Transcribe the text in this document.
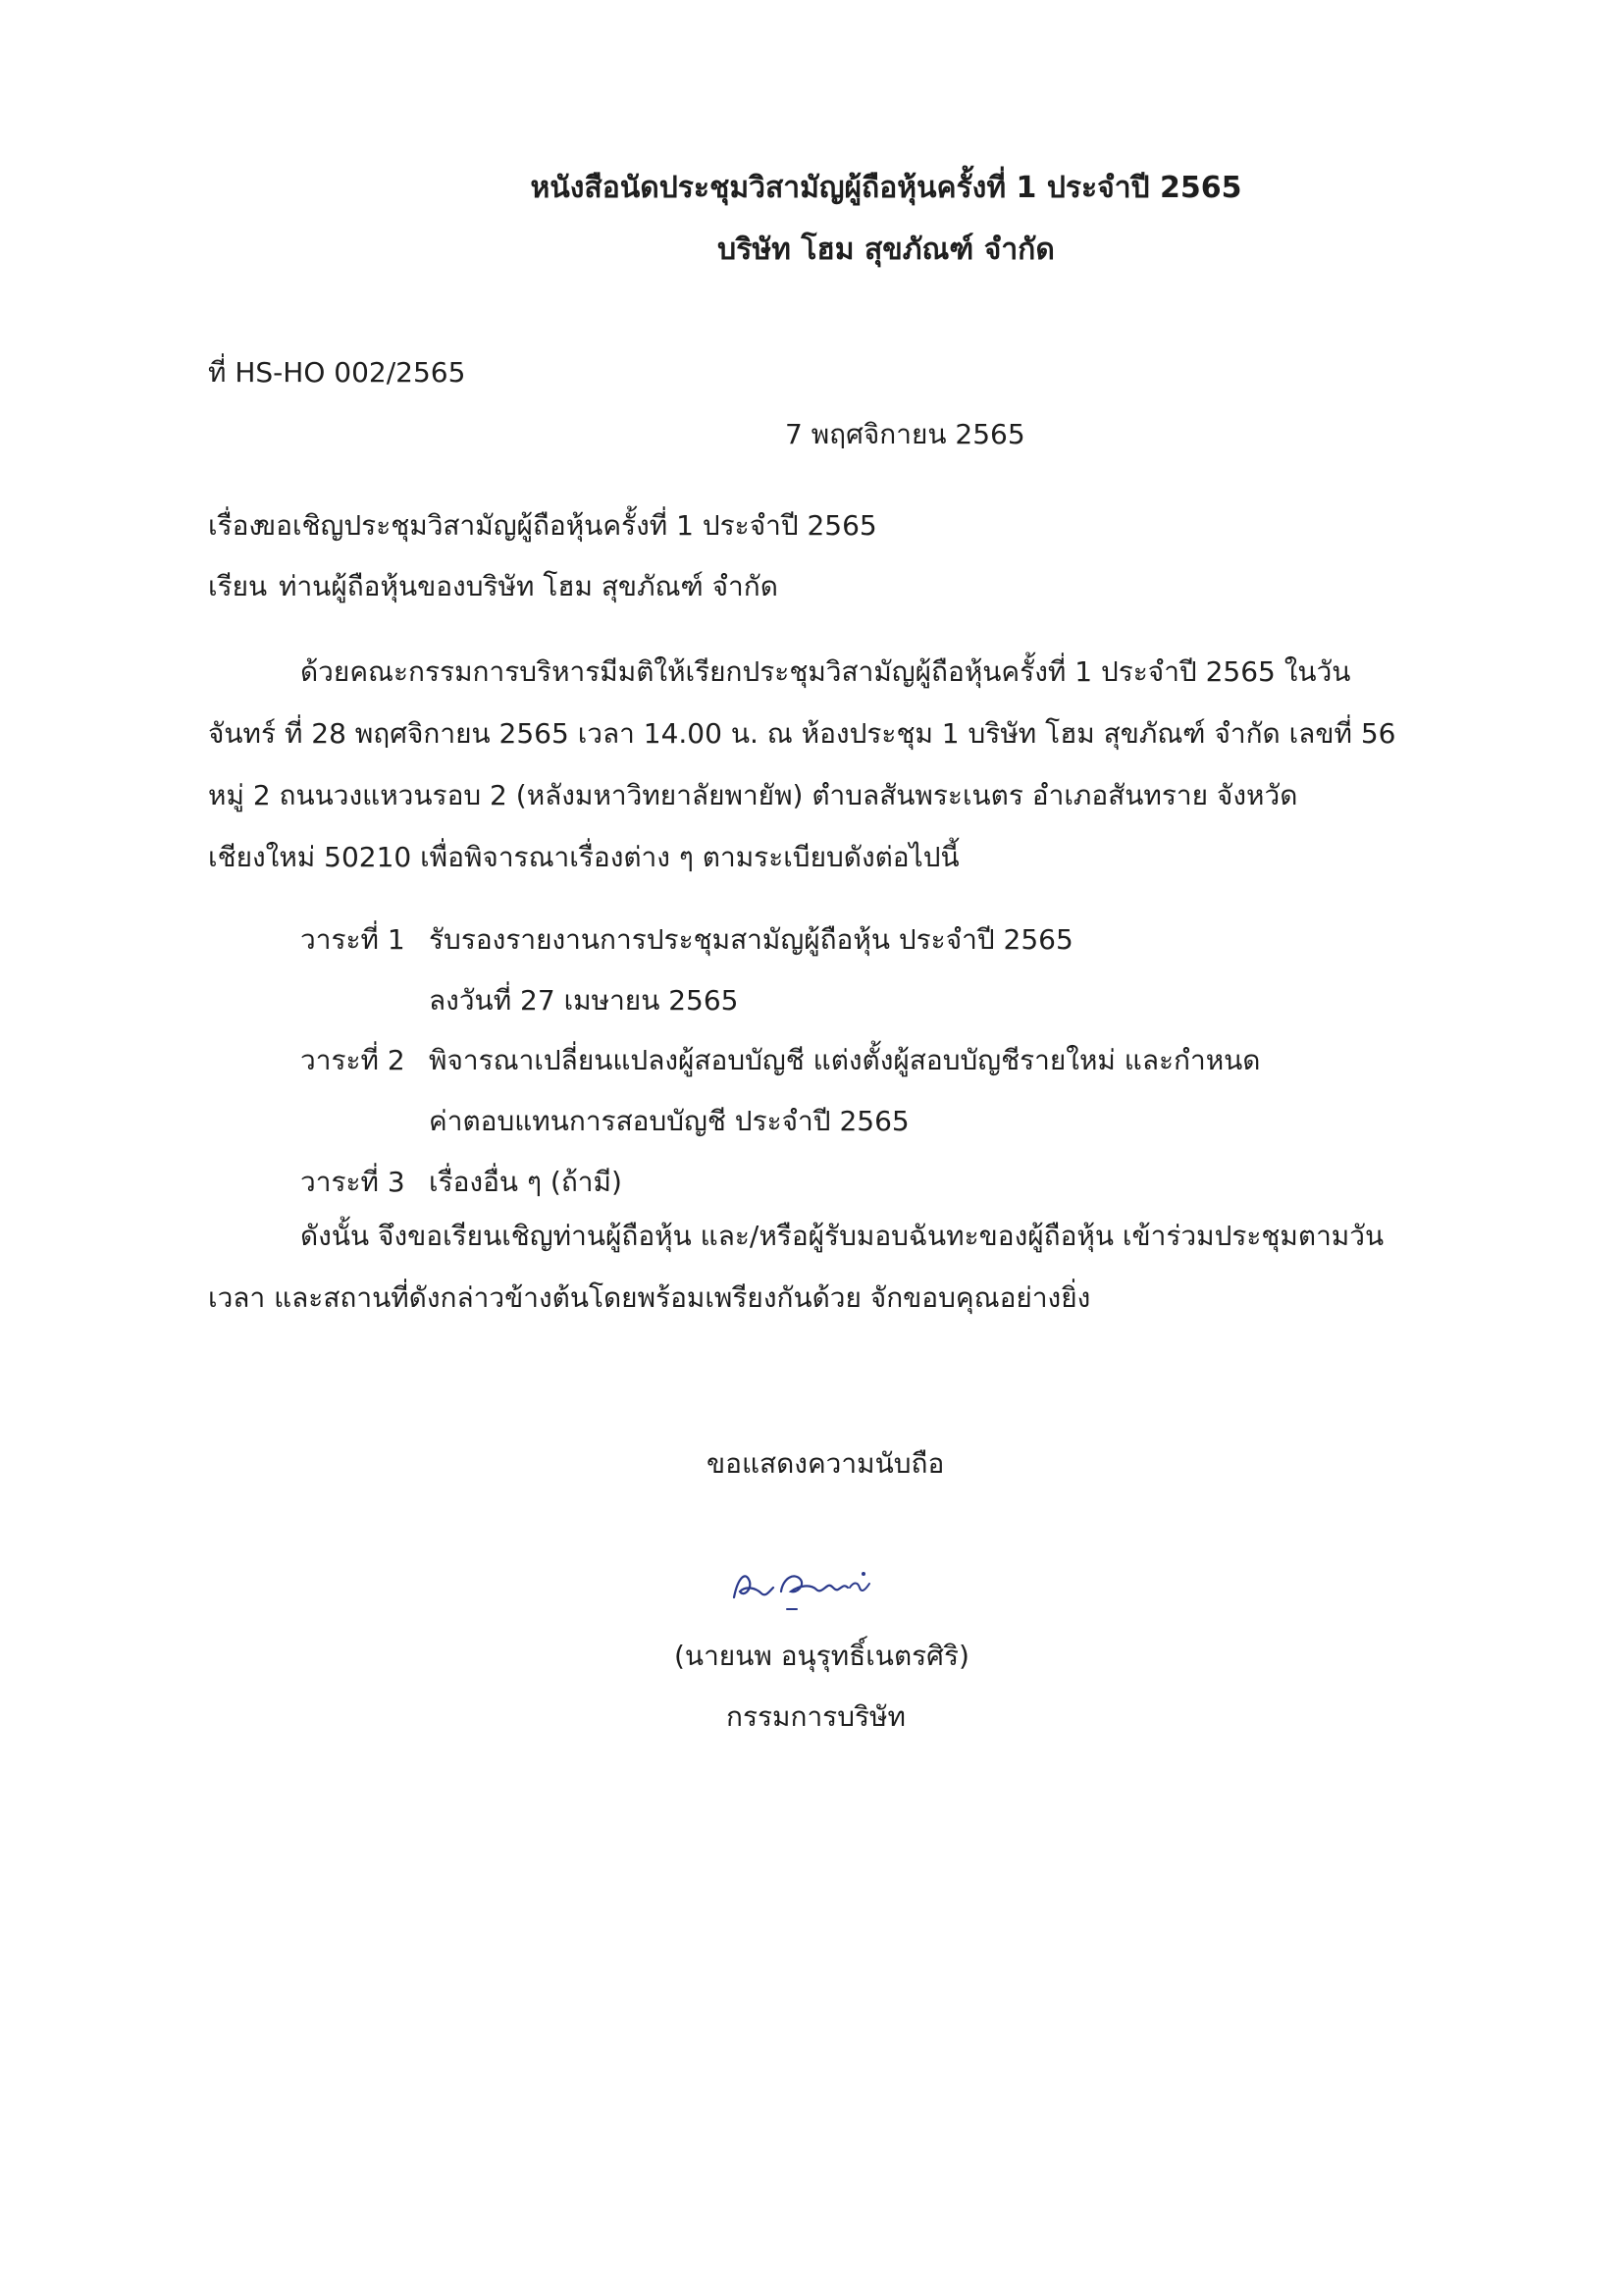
หนังสือนัดประชุมวิสามัญผู้ถือหุ้นครั้งที่ 1 ประจำปี 2565
บริษัท โฮม สุขภัณฑ์ จำกัด
ที่ HS-HO 002/2565
7 พฤศจิกายน 2565
เรื่อง
ขอเชิญประชุมวิสามัญผู้ถือหุ้นครั้งที่ 1 ประจำปี 2565
เรียน ท่านผู้ถือหุ้นของบริษัท โฮม สุขภัณฑ์ จำกัด
ด้วยคณะกรรมการบริหารมีมติให้เรียกประชุมวิสามัญผู้ถือหุ้นครั้งที่ 1 ประจำปี 2565 ในวัน
จันทร์ ที่ 28 พฤศจิกายน 2565 เวลา 14.00 น. ณ ห้องประชุม 1 บริษัท โฮม สุขภัณฑ์ จำกัด เลขที่ 56
หมู่ 2 ถนนวงแหวนรอบ 2 (หลังมหาวิทยาลัยพายัพ) ตำบลสันพระเนตร อำเภอสันทราย จังหวัด
เชียงใหม่ 50210 เพื่อพิจารณาเรื่องต่าง ๆ ตามระเบียบดังต่อไปนี้
วาระที่ 1 รับรองรายงานการประชุมสามัญผู้ถือหุ้น ประจำปี 2565
ลงวันที่ 27 เมษายน 2565
วาระที่ 2 พิจารณาเปลี่ยนแปลงผู้สอบบัญชี แต่งตั้งผู้สอบบัญชีรายใหม่ และกำหนด
ค่าตอบแทนการสอบบัญชี ประจำปี 2565
วาระที่ 3 เรื่องอื่น ๆ (ถ้ามี)
ดังนั้น จึงขอเรียนเชิญท่านผู้ถือหุ้น และ/หรือผู้รับมอบฉันทะของผู้ถือหุ้น เข้าร่วมประชุมตามวัน
เวลา และสถานที่ดังกล่าวข้างต้นโดยพร้อมเพรียงกันด้วย จักขอบคุณอย่างยิ่ง
ขอแสดงความนับถือ
(นายนพ อนุรุทธิ์เนตรศิริ)
กรรมการบริษัท
